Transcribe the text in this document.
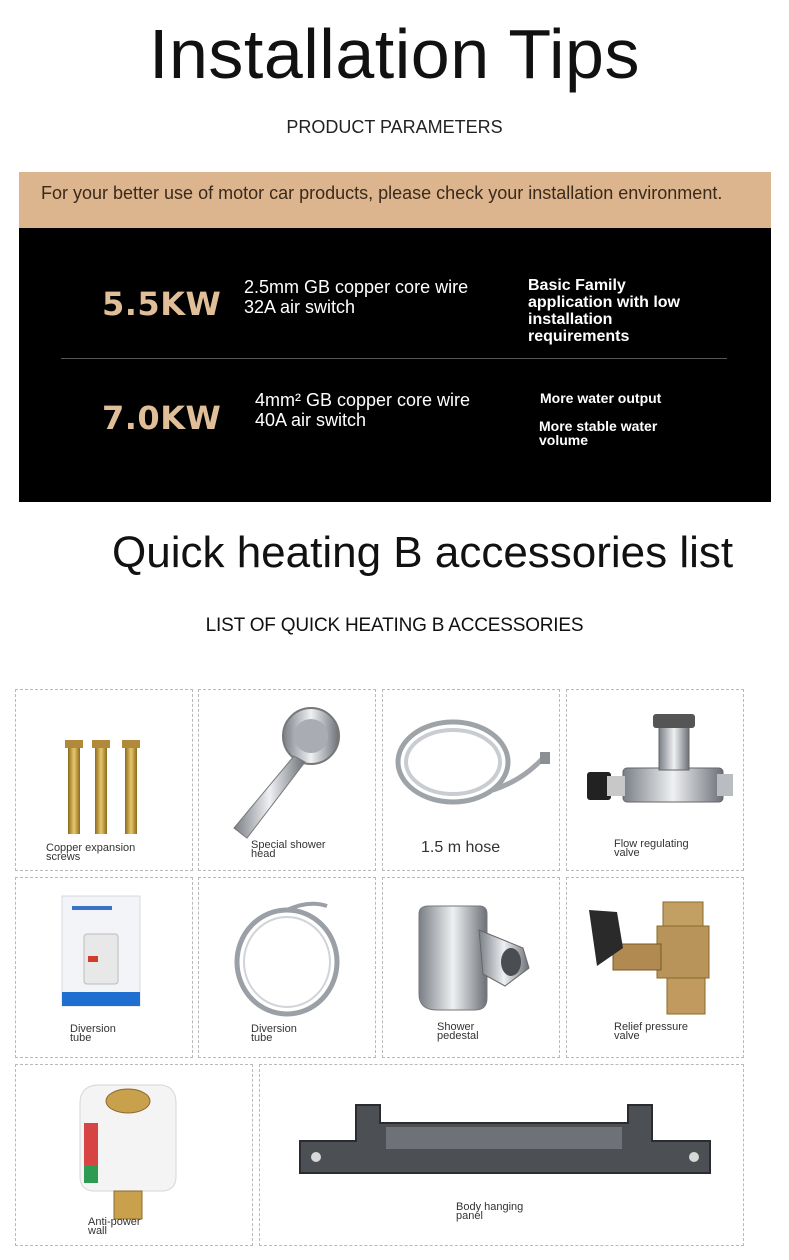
Installation Tips
PRODUCT PARAMETERS
For your better use of motor car products, please check your installation environment.
5.5KW 2.5mm GB copper core wire 32A air switch
Basic Family application with low installation requirements
7.0KW 4mm² GB copper core wire 40A air switch
More water output
More stable water volume
Quick heating B accessories list
LIST OF QUICK HEATING B ACCESSORIES
Copper expansion
screws
Special shower
head	1.5 m hose	Flow regulating
valve
Diversion
tube
Diversion
tube
Shower
pedestal
Relief pressure
valve
Anti-power
wall
Body hanging
panel
